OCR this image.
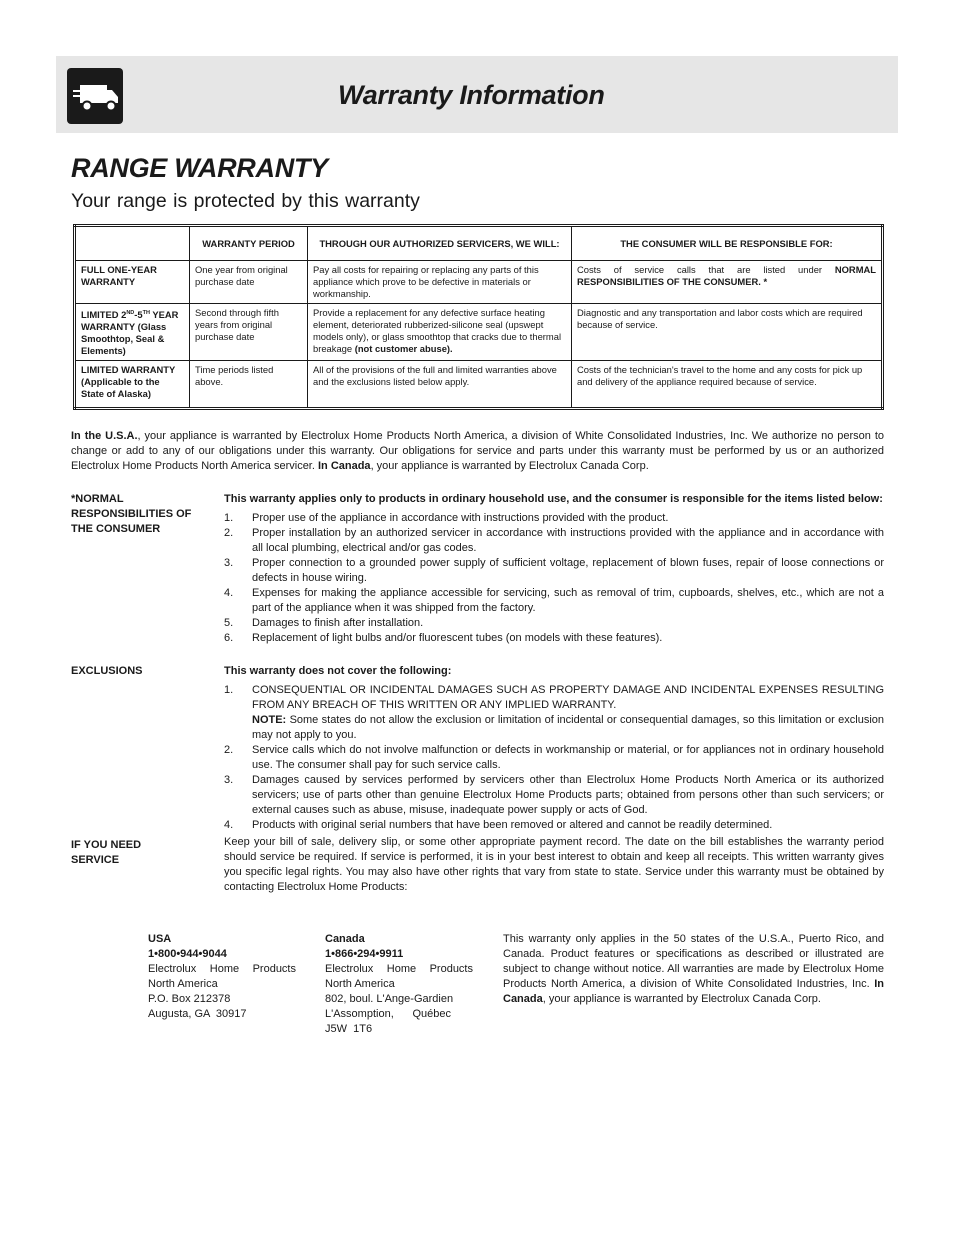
Warranty Information
RANGE WARRANTY
Your range is protected by this warranty
	WARRANTY PERIOD	THROUGH OUR AUTHORIZED SERVICERS, WE WILL:	THE CONSUMER WILL BE RESPONSIBLE FOR:
FULL ONE-YEAR WARRANTY	One year from original purchase date	Pay all costs for repairing or replacing any parts of this appliance which prove to be defective in materials or workmanship.	Costs of service calls that are listed under NORMAL RESPONSIBILITIES OF THE CONSUMER. *
LIMITED 2ND-5TH YEAR WARRANTY (Glass Smoothtop, Seal & Elements)	Second through fifth years from original purchase date	Provide a replacement for any defective surface heating element, deteriorated rubberized-silicone seal (upswept models only), or glass smoothtop that cracks due to thermal breakage (not customer abuse).	Diagnostic and any transportation and labor costs which are required because of service.
LIMITED WARRANTY (Applicable to the State of Alaska)	Time periods listed above.	All of the provisions of the full and limited warranties above and the exclusions listed below apply.	Costs of the technician's travel to the home and any costs for pick up and delivery of the appliance required because of service.
In the U.S.A., your appliance is warranted by Electrolux Home Products North America, a division of White Consolidated Industries, Inc. We authorize no person to change or add to any of our obligations under this warranty. Our obligations for service and parts under this warranty must be performed by us or an authorized Electrolux Home Products North America servicer. In Canada, your appliance is warranted by Electrolux Canada Corp.
*NORMAL RESPONSIBILITIES OF THE CONSUMER
This warranty applies only to products in ordinary household use, and the consumer is responsible for the items listed below:
1. Proper use of the appliance in accordance with instructions provided with the product.
2. Proper installation by an authorized servicer in accordance with instructions provided with the appliance and in accordance with all local plumbing, electrical and/or gas codes.
3. Proper connection to a grounded power supply of sufficient voltage, replacement of blown fuses, repair of loose connections or defects in house wiring.
4. Expenses for making the appliance accessible for servicing, such as removal of trim, cupboards, shelves, etc., which are not a part of the appliance when it was shipped from the factory.
5. Damages to finish after installation.
6. Replacement of light bulbs and/or fluorescent tubes (on models with these features).
EXCLUSIONS	This warranty does not cover the following:
1. CONSEQUENTIAL OR INCIDENTAL DAMAGES SUCH AS PROPERTY DAMAGE AND INCIDENTAL EXPENSES RESULTING FROM ANY BREACH OF THIS WRITTEN OR ANY IMPLIED WARRANTY.
NOTE: Some states do not allow the exclusion or limitation of incidental or consequential damages, so this limitation or exclusion may not apply to you.
2. Service calls which do not involve malfunction or defects in workmanship or material, or for appliances not in ordinary household use. The consumer shall pay for such service calls.
3. Damages caused by services performed by servicers other than Electrolux Home Products North America or its authorized servicers; use of parts other than genuine Electrolux Home Products parts; obtained from persons other than such servicers; or external causes such as abuse, misuse, inadequate power supply or acts of God.
4. Products with original serial numbers that have been removed or altered and cannot be readily determined.
IF YOU NEED SERVICE
Keep your bill of sale, delivery slip, or some other appropriate payment record. The date on the bill establishes the warranty period should service be required. If service is performed, it is in your best interest to obtain and keep all receipts. This written warranty gives you specific legal rights. You may also have other rights that vary from state to state. Service under this warranty must be obtained by contacting Electrolux Home Products:
USA
1•800•944•9044
Electrolux Home Products
North America
P.O. Box 212378
Augusta, GA  30917
Canada
1•866•294•9911
Electrolux Home Products
North America
802, boul. L'Ange-Gardien
L'Assomption, Québec
J5W  1T6
This warranty only applies in the 50 states of the U.S.A., Puerto Rico, and Canada. Product features or specifications as described or illustrated are subject to change without notice. All warranties are made by Electrolux Home Products North America, a division of White Consolidated Industries, Inc. In Canada, your appliance is warranted by Electrolux Canada Corp.
